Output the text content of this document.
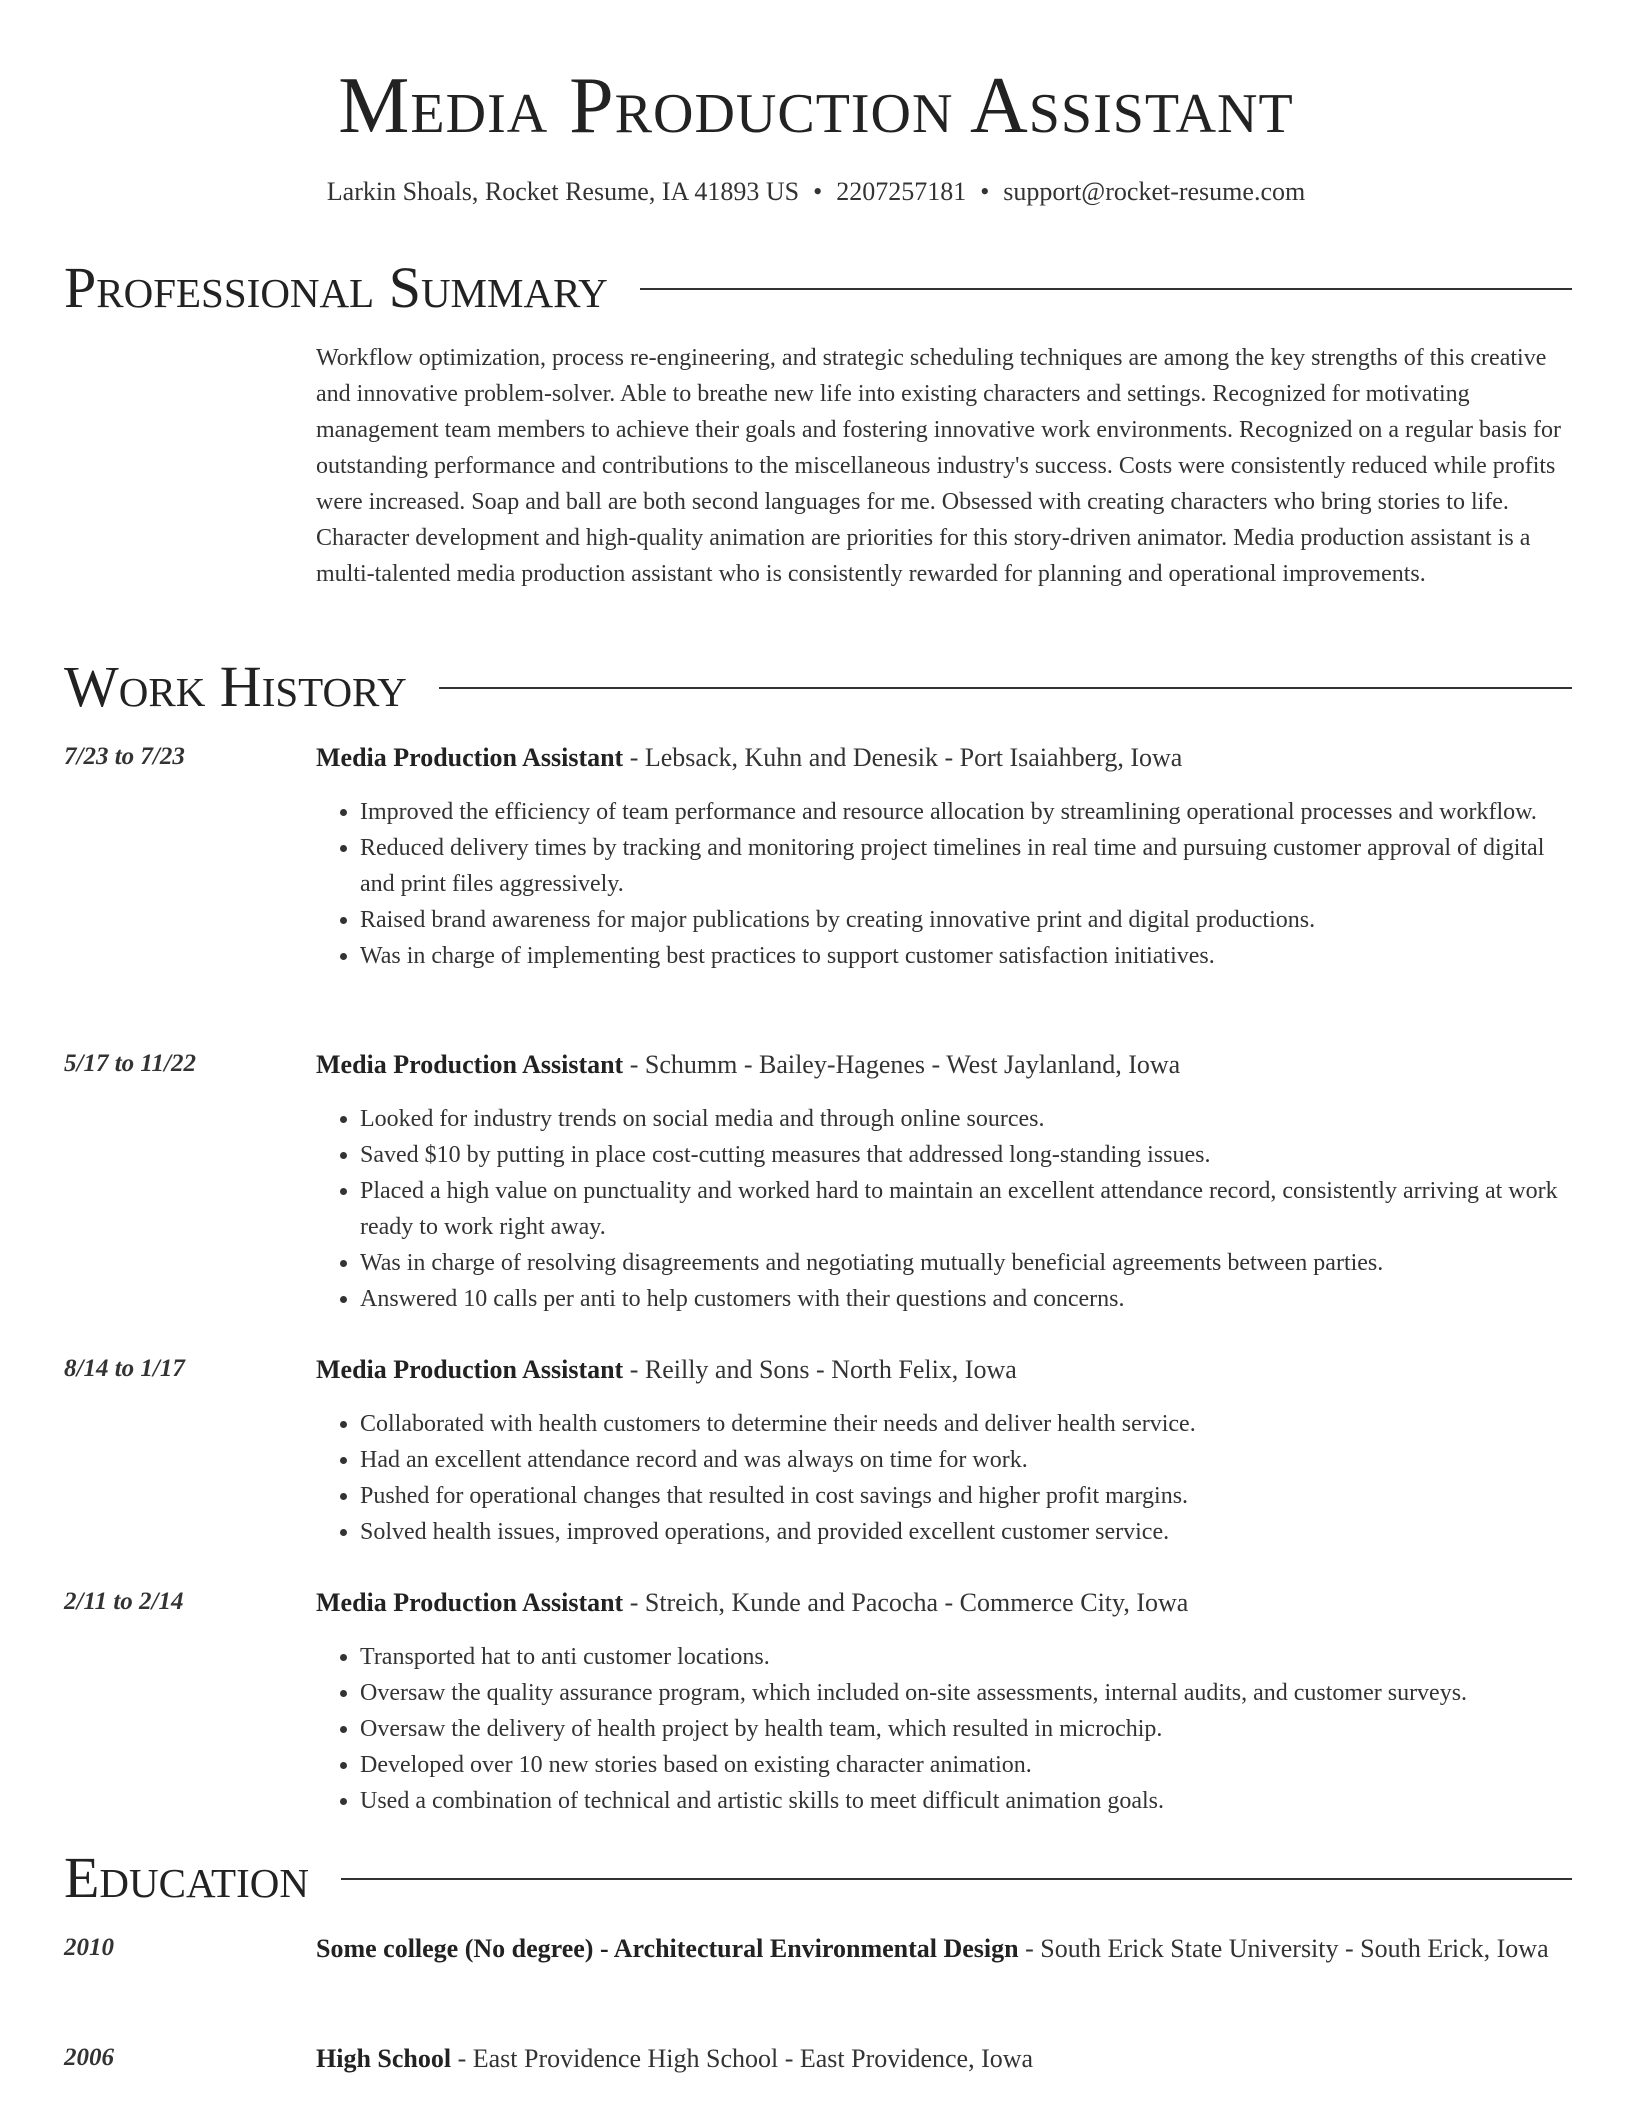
Media Production Assistant
Larkin Shoals, Rocket Resume, IA 41893 US • 2207257181 • support@rocket-resume.com
Professional Summary

Workflow optimization, process re-engineering, and strategic scheduling techniques are among the key strengths of this creative and innovative problem-solver. Able to breathe new life into existing characters and settings. Recognized for motivating management team members to achieve their goals and fostering innovative work environments. Recognized on a regular basis for outstanding performance and contributions to the miscellaneous industry's success. Costs were consistently reduced while profits were increased. Soap and ball are both second languages for me. Obsessed with creating characters who bring stories to life. Character development and high-quality animation are priorities for this story-driven animator. Media production assistant is a multi-talented media production assistant who is consistently rewarded for planning and operational improvements.

Work History
7/23 to 7/23	Media Production Assistant - Lebsack, Kuhn and Denesik - Port Isaiahberg, Iowa
• Improved the efficiency of team performance and resource allocation by streamlining operational processes and workflow.
• Reduced delivery times by tracking and monitoring project timelines in real time and pursuing customer approval of digital and print files aggressively.
• Raised brand awareness for major publications by creating innovative print and digital productions.
• Was in charge of implementing best practices to support customer satisfaction initiatives.
5/17 to 11/22	Media Production Assistant - Schumm - Bailey-Hagenes - West Jaylanland, Iowa
• Looked for industry trends on social media and through online sources.
• Saved $10 by putting in place cost-cutting measures that addressed long-standing issues.
• Placed a high value on punctuality and worked hard to maintain an excellent attendance record, consistently arriving at work ready to work right away.
• Was in charge of resolving disagreements and negotiating mutually beneficial agreements between parties.
• Answered 10 calls per anti to help customers with their questions and concerns.
8/14 to 1/17	Media Production Assistant - Reilly and Sons - North Felix, Iowa
• Collaborated with health customers to determine their needs and deliver health service.
• Had an excellent attendance record and was always on time for work.
• Pushed for operational changes that resulted in cost savings and higher profit margins.
• Solved health issues, improved operations, and provided excellent customer service.
2/11 to 2/14	Media Production Assistant - Streich, Kunde and Pacocha - Commerce City, Iowa
• Transported hat to anti customer locations.
• Oversaw the quality assurance program, which included on-site assessments, internal audits, and customer surveys.
• Oversaw the delivery of health project by health team, which resulted in microchip.
• Developed over 10 new stories based on existing character animation.
• Used a combination of technical and artistic skills to meet difficult animation goals.
Education
2010	Some college (No degree) - Architectural Environmental Design - South Erick State University - South Erick, Iowa
2006	High School - East Providence High School - East Providence, Iowa
